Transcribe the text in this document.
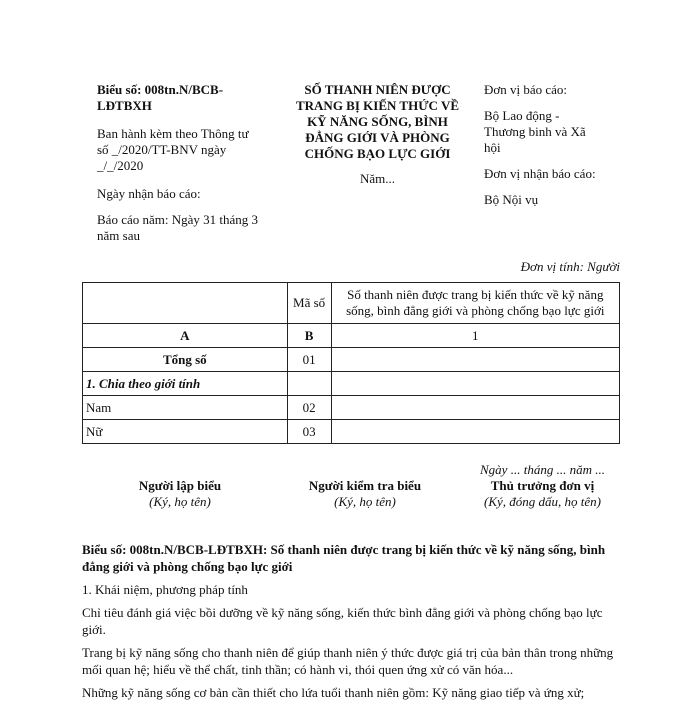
Biểu số: 008tn.N/BCB-

LĐTBXH

Ban hành kèm theo Thông tư

số _/2020/TT-BNV ngày

_/_/2020

Ngày nhận báo cáo:

Báo cáo năm: Ngày 31 tháng 3

năm sau

SỐ THANH NIÊN ĐƯỢC

TRANG BỊ KIẾN THỨC VỀ

KỸ NĂNG SỐNG, BÌNH

ĐẲNG GIỚI VÀ PHÒNG

CHỐNG BẠO LỰC GIỚI

Năm...

Đơn vị báo cáo:

Bộ Lao động -

Thương binh và Xã

hội

Đơn vị nhận báo cáo:

Bộ Nội vụ

Đơn vị tính: Người
	Mã số	Số thanh niên được trang bị kiến thức về kỹ năng
sống, bình đẳng giới và phòng chống bạo lực giới

A	B	1
Tổng số	01	
1. Chia theo giới tính		
Nam	02	
Nữ	03	
Ngày ... tháng ... năm ...
Người lập biểu
(Ký, họ tên)
Người kiểm tra biểu
(Ký, họ tên)
Thủ trưởng đơn vị
(Ký, đóng dấu, họ tên)

Biểu số: 008tn.N/BCB-LĐTBXH: Số thanh niên được trang bị kiến thức về kỹ năng sống, bình đẳng giới và phòng chống bạo lực giới

1. Khái niệm, phương pháp tính

Chỉ tiêu đánh giá việc bồi dưỡng về kỹ năng sống, kiến thức bình đẳng giới và phòng chống bạo lực giới.

Trang bị kỹ năng sống cho thanh niên để giúp thanh niên ý thức được giá trị của bản thân trong những mối quan hệ; hiểu về thể chất, tinh thần; có hành vi, thói quen ứng xử có văn hóa...

Những kỹ năng sống cơ bản cần thiết cho lứa tuổi thanh niên gồm: Kỹ năng giao tiếp và ứng xử;
